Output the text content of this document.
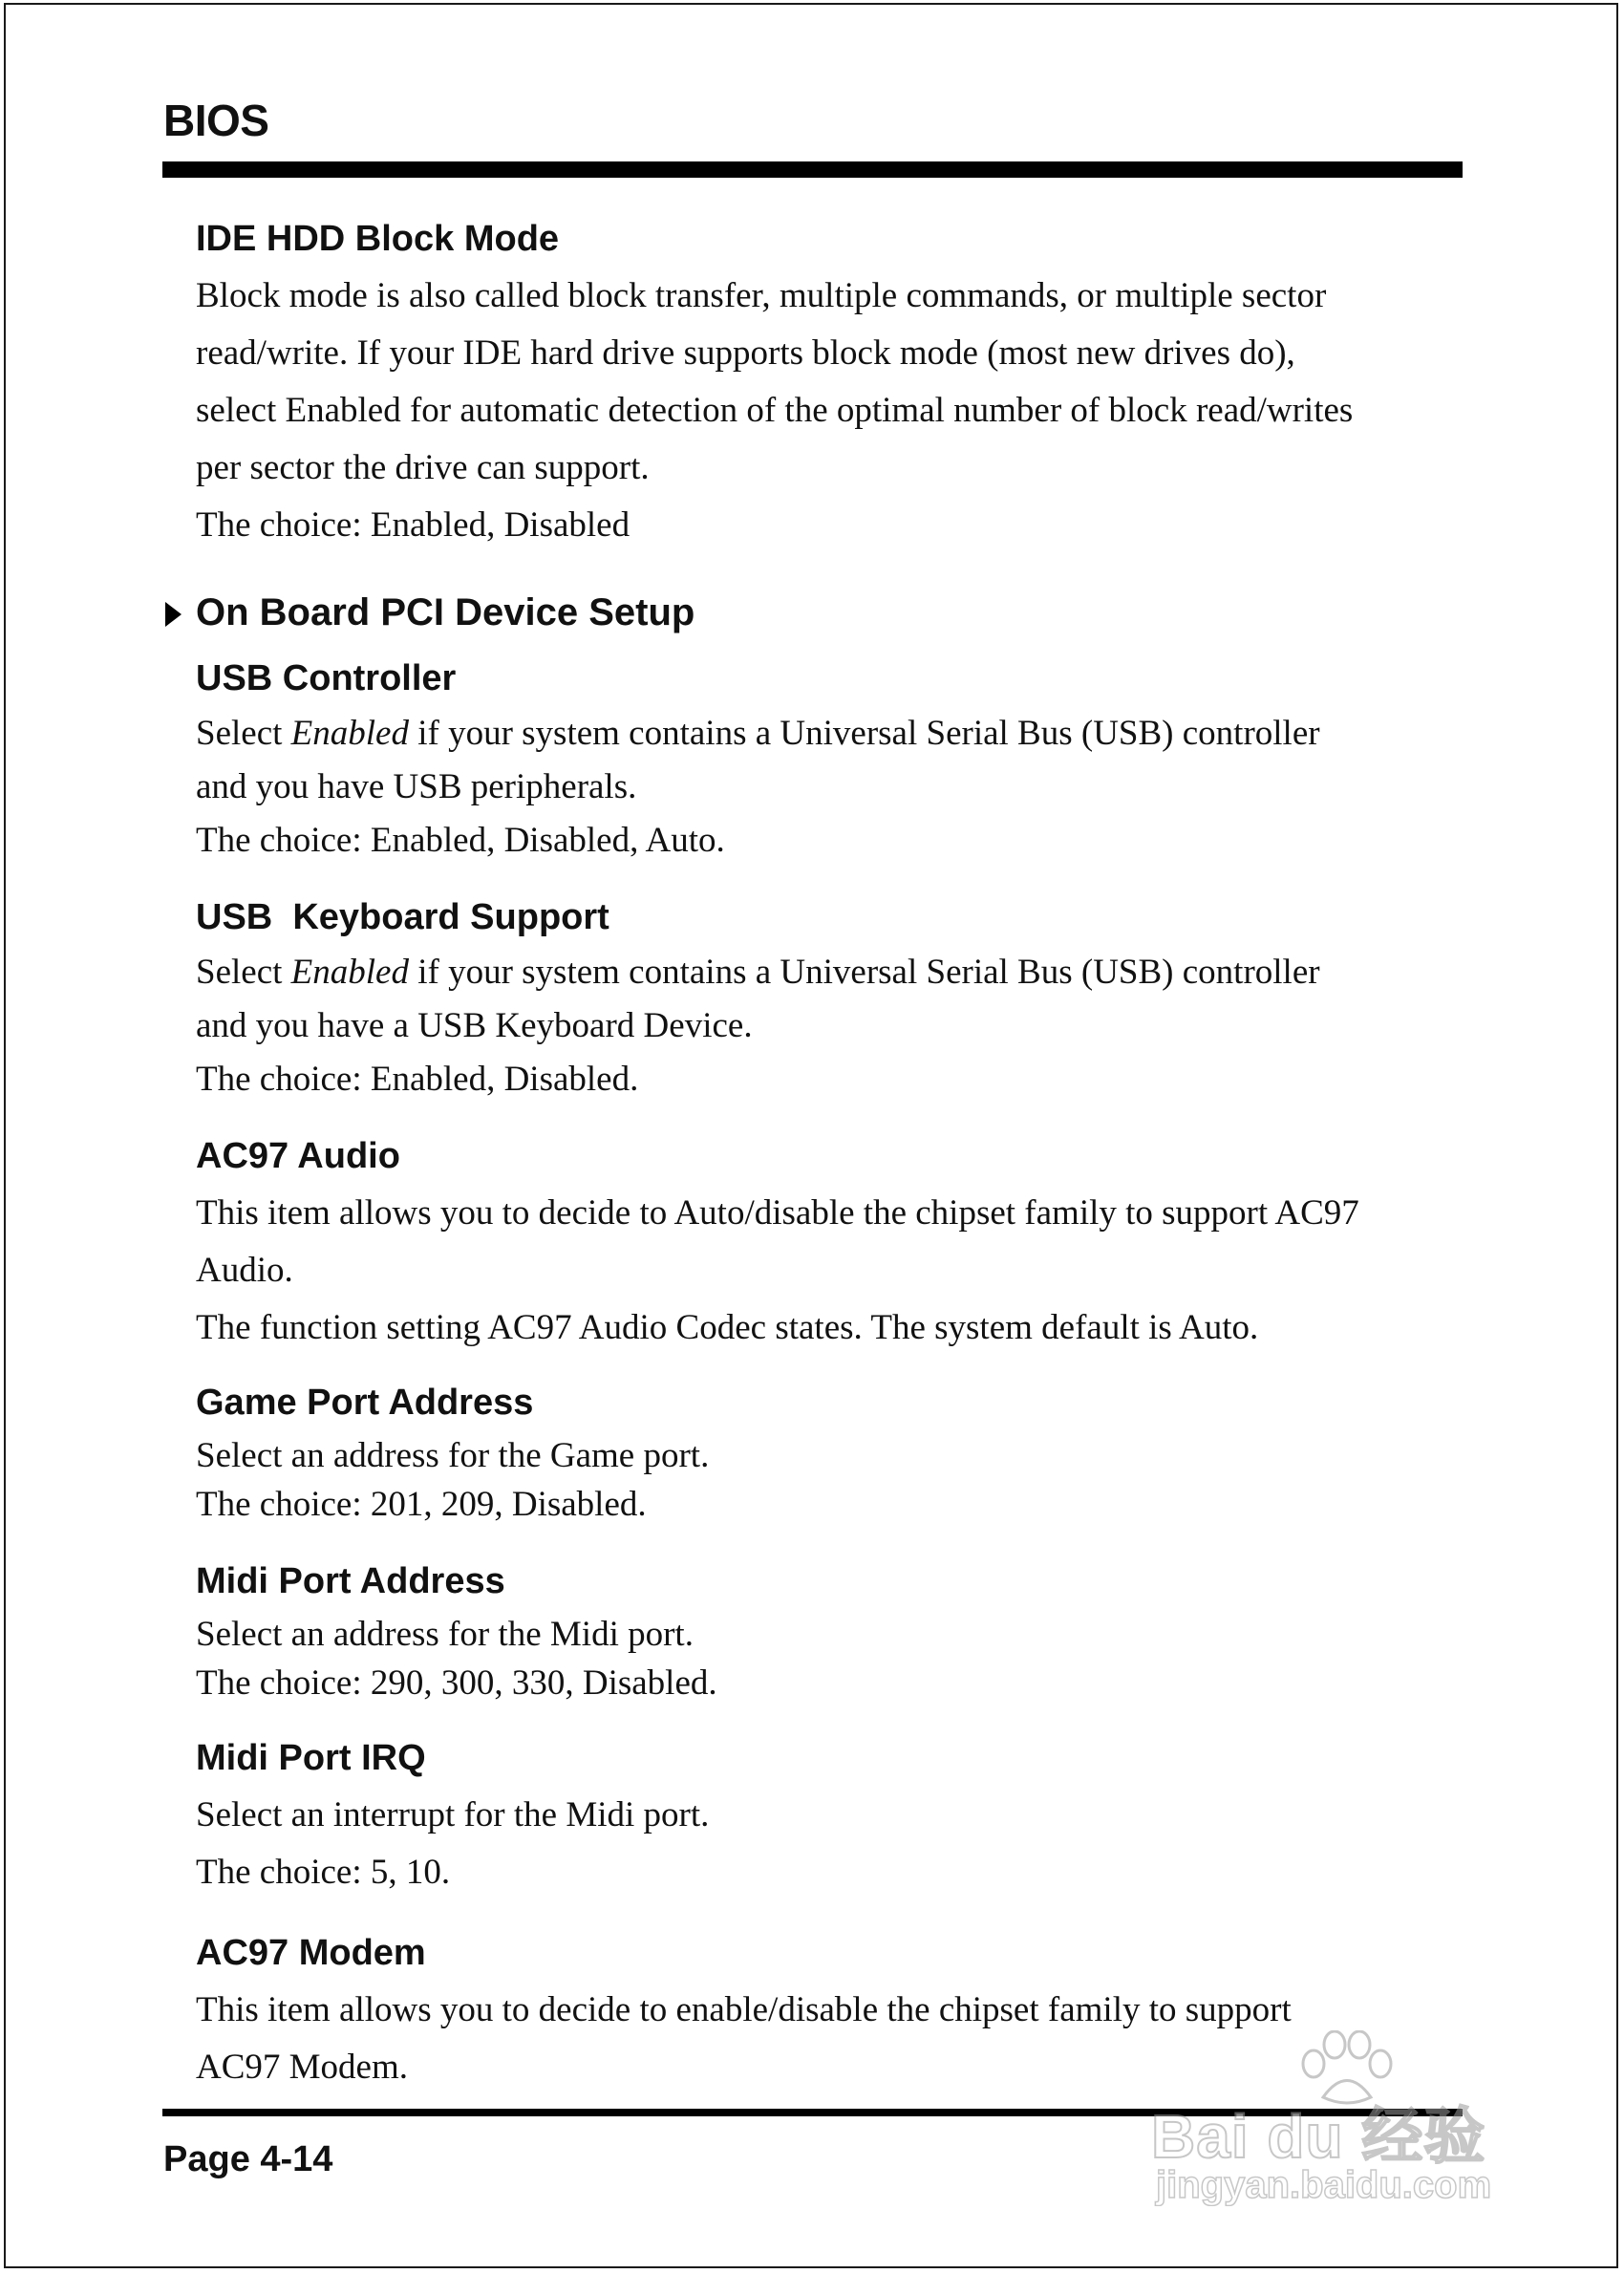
BIOS
IDE HDD Block Mode

Block mode is also called block transfer, multiple commands, or multiple sector
read/write. If your IDE hard drive supports block mode (most new drives do),
select Enabled for automatic detection of the optimal number of block read/writes
per sector the drive can support.
The choice: Enabled, Disabled

On Board PCI Device Setup
USB Controller

Select Enabled if your system contains a Universal Serial Bus (USB) controller
and you have USB peripherals.
The choice: Enabled, Disabled, Auto.

USB  Keyboard Support

Select Enabled if your system contains a Universal Serial Bus (USB) controller
and you have a USB Keyboard Device.
The choice: Enabled, Disabled.

AC97 Audio

This item allows you to decide to Auto/disable the chipset family to support AC97
Audio.
The function setting AC97 Audio Codec states. The system default is Auto.

Game Port Address

Select an address for the Game port.
The choice: 201, 209, Disabled.

Midi Port Address

Select an address for the Midi port.
The choice: 290, 300, 330, Disabled.

Midi Port IRQ

Select an interrupt for the Midi port.
The choice: 5, 10.

AC97 Modem

This item allows you to decide to enable/disable the chipset family to support
AC97 Modem.

Page 4-14	Bai du 经验
jingyan.baidu.com
